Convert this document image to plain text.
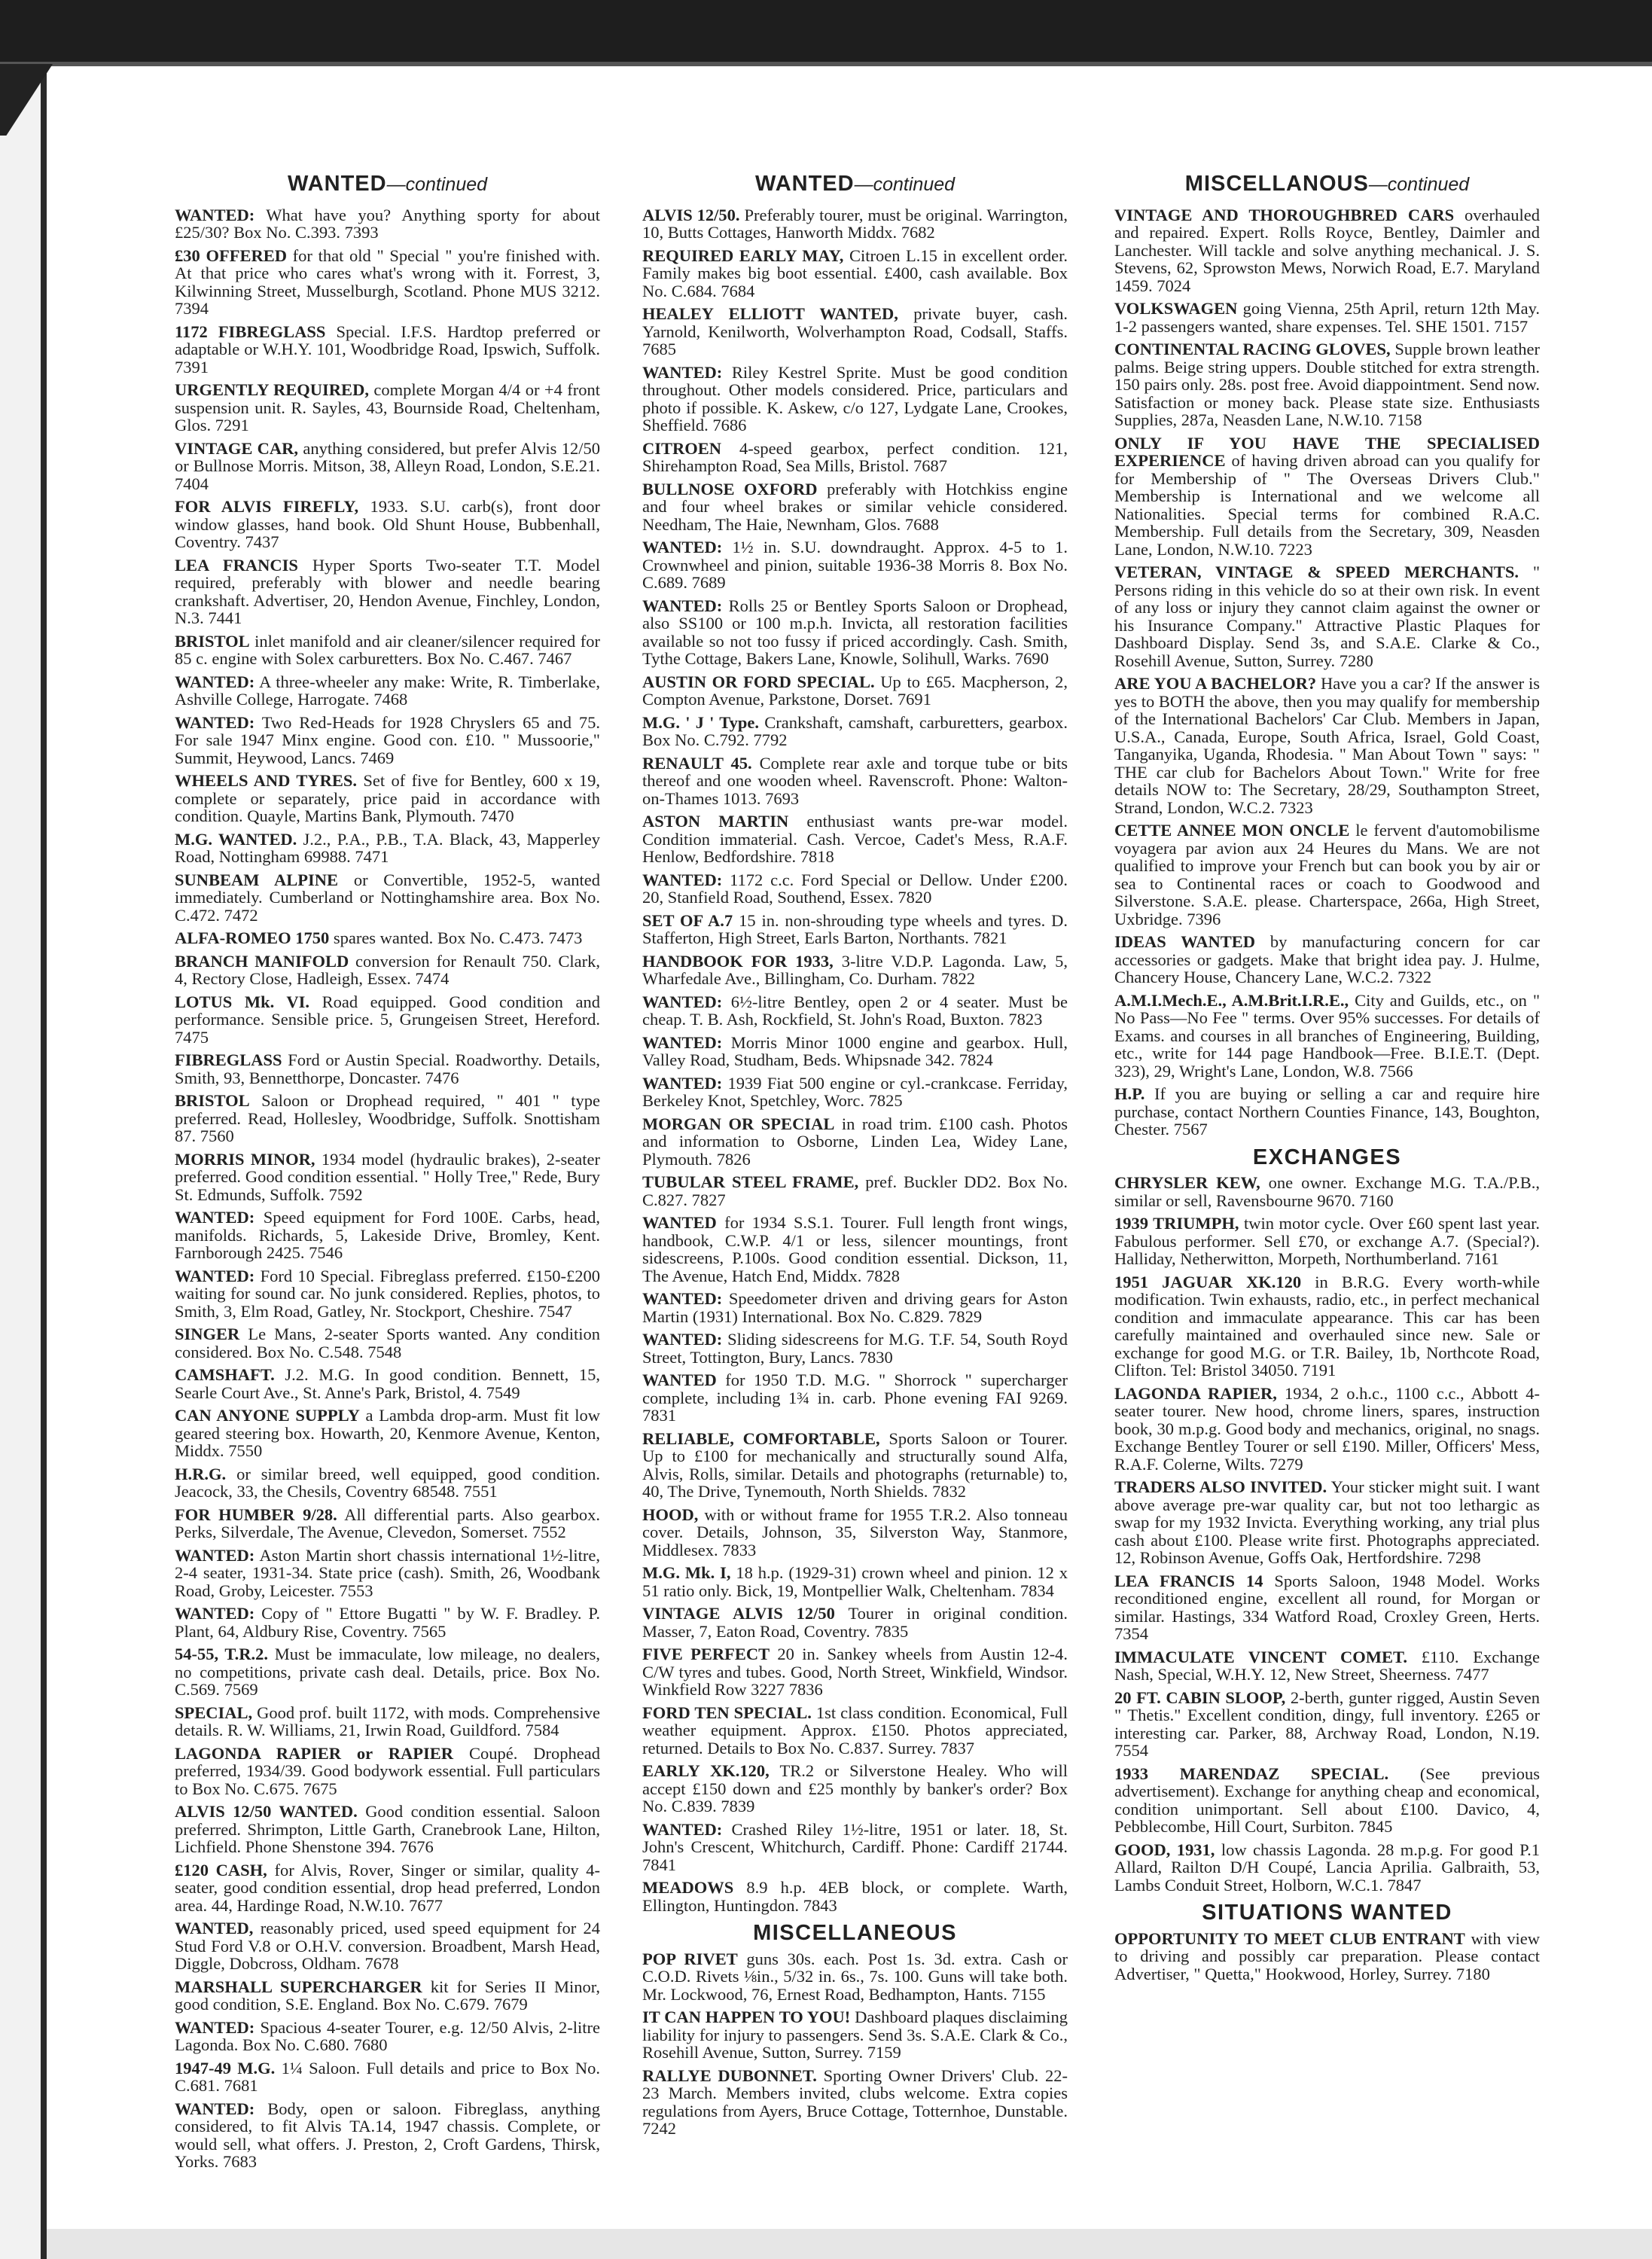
WANTED—continued
WANTED: What have you? Anything sporty for about £25/30? Box No. C.393. 7393
£30 OFFERED for that old " Special " you're finished with. At that price who cares what's wrong with it. Forrest, 3, Kilwinning Street, Musselburgh, Scotland. Phone MUS 3212. 7394
1172 FIBREGLASS Special. I.F.S. Hardtop preferred or adaptable or W.H.Y. 101, Woodbridge Road, Ipswich, Suffolk. 7391
URGENTLY REQUIRED, complete Morgan 4/4 or +4 front suspension unit. R. Sayles, 43, Bournside Road, Cheltenham, Glos. 7291
VINTAGE CAR, anything considered, but prefer Alvis 12/50 or Bullnose Morris. Mitson, 38, Alleyn Road, London, S.E.21. 7404
FOR ALVIS FIREFLY, 1933. S.U. carb(s), front door window glasses, hand book. Old Shunt House, Bubbenhall, Coventry. 7437
LEA FRANCIS Hyper Sports Two-seater T.T. Model required, preferably with blower and needle bearing crankshaft. Advertiser, 20, Hendon Avenue, Finchley, London, N.3. 7441
BRISTOL inlet manifold and air cleaner/silencer required for 85 c. engine with Solex carburetters. Box No. C.467. 7467
WANTED: A three-wheeler any make: Write, R. Timberlake, Ashville College, Harrogate. 7468
WANTED: Two Red-Heads for 1928 Chryslers 65 and 75. For sale 1947 Minx engine. Good con. £10. " Mussoorie," Summit, Heywood, Lancs. 7469
WHEELS AND TYRES. Set of five for Bentley, 600 x 19, complete or separately, price paid in accordance with condition. Quayle, Martins Bank, Plymouth. 7470
M.G. WANTED. J.2., P.A., P.B., T.A. Black, 43, Mapperley Road, Nottingham 69988. 7471
SUNBEAM ALPINE or Convertible, 1952-5, wanted immediately. Cumberland or Nottinghamshire area. Box No. C.472. 7472
ALFA-ROMEO 1750 spares wanted. Box No. C.473. 7473
BRANCH MANIFOLD conversion for Renault 750. Clark, 4, Rectory Close, Hadleigh, Essex. 7474
LOTUS Mk. VI. Road equipped. Good condition and performance. Sensible price. 5, Grungeisen Street, Hereford. 7475
FIBREGLASS Ford or Austin Special. Roadworthy. Details, Smith, 93, Bennetthorpe, Doncaster. 7476
BRISTOL Saloon or Drophead required, " 401 " type preferred. Read, Hollesley, Woodbridge, Suffolk. Snottisham 87. 7560
MORRIS MINOR, 1934 model (hydraulic brakes), 2-seater preferred. Good condition essential. " Holly Tree," Rede, Bury St. Edmunds, Suffolk. 7592
WANTED: Speed equipment for Ford 100E. Carbs, head, manifolds. Richards, 5, Lakeside Drive, Bromley, Kent. Farnborough 2425. 7546
WANTED: Ford 10 Special. Fibreglass preferred. £150-£200 waiting for sound car. No junk considered. Replies, photos, to Smith, 3, Elm Road, Gatley, Nr. Stockport, Cheshire. 7547
SINGER Le Mans, 2-seater Sports wanted. Any condition considered. Box No. C.548. 7548
CAMSHAFT. J.2. M.G. In good condition. Bennett, 15, Searle Court Ave., St. Anne's Park, Bristol, 4. 7549
CAN ANYONE SUPPLY a Lambda drop-arm. Must fit low geared steering box. Howarth, 20, Kenmore Avenue, Kenton, Middx. 7550
H.R.G. or similar breed, well equipped, good condition. Jeacock, 33, the Chesils, Coventry 68548. 7551
FOR HUMBER 9/28. All differential parts. Also gearbox. Perks, Silverdale, The Avenue, Clevedon, Somerset. 7552
WANTED: Aston Martin short chassis international 1½-litre, 2-4 seater, 1931-34. State price (cash). Smith, 26, Woodbank Road, Groby, Leicester. 7553
WANTED: Copy of " Ettore Bugatti " by W. F. Bradley. P. Plant, 64, Aldbury Rise, Coventry. 7565
54-55, T.R.2. Must be immaculate, low mileage, no dealers, no competitions, private cash deal. Details, price. Box No. C.569. 7569
SPECIAL, Good prof. built 1172, with mods. Comprehensive details. R. W. Williams, 21, Irwin Road, Guildford. 7584
LAGONDA RAPIER or RAPIER Coupé. Drophead preferred, 1934/39. Good bodywork essential. Full particulars to Box No. C.675. 7675
ALVIS 12/50 WANTED. Good condition essential. Saloon preferred. Shrimpton, Little Garth, Cranebrook Lane, Hilton, Lichfield. Phone Shenstone 394. 7676
£120 CASH, for Alvis, Rover, Singer or similar, quality 4-seater, good condition essential, drop head preferred, London area. 44, Hardinge Road, N.W.10. 7677
WANTED, reasonably priced, used speed equipment for 24 Stud Ford V.8 or O.H.V. conversion. Broadbent, Marsh Head, Diggle, Dobcross, Oldham. 7678
MARSHALL SUPERCHARGER kit for Series II Minor, good condition, S.E. England. Box No. C.679. 7679
WANTED: Spacious 4-seater Tourer, e.g. 12/50 Alvis, 2-litre Lagonda. Box No. C.680. 7680
1947-49 M.G. 1¼ Saloon. Full details and price to Box No. C.681. 7681
WANTED: Body, open or saloon. Fibreglass, anything considered, to fit Alvis TA.14, 1947 chassis. Complete, or would sell, what offers. J. Preston, 2, Croft Gardens, Thirsk, Yorks. 7683
WANTED—continued
ALVIS 12/50. Preferably tourer, must be original. Warrington, 10, Butts Cottages, Hanworth Middx. 7682
REQUIRED EARLY MAY, Citroen L.15 in excellent order. Family makes big boot essential. £400, cash available. Box No. C.684. 7684
HEALEY ELLIOTT WANTED, private buyer, cash. Yarnold, Kenilworth, Wolverhampton Road, Codsall, Staffs. 7685
WANTED: Riley Kestrel Sprite. Must be good condition throughout. Other models considered. Price, particulars and photo if possible. K. Askew, c/o 127, Lydgate Lane, Crookes, Sheffield. 7686
CITROEN 4-speed gearbox, perfect condition. 121, Shirehampton Road, Sea Mills, Bristol. 7687
BULLNOSE OXFORD preferably with Hotchkiss engine and four wheel brakes or similar vehicle considered. Needham, The Haie, Newnham, Glos. 7688
WANTED: 1½ in. S.U. downdraught. Approx. 4-5 to 1. Crownwheel and pinion, suitable 1936-38 Morris 8. Box No. C.689. 7689
WANTED: Rolls 25 or Bentley Sports Saloon or Drophead, also SS100 or 100 m.p.h. Invicta, all restoration facilities available so not too fussy if priced accordingly. Cash. Smith, Tythe Cottage, Bakers Lane, Knowle, Solihull, Warks. 7690
AUSTIN OR FORD SPECIAL. Up to £65. Macpherson, 2, Compton Avenue, Parkstone, Dorset. 7691
M.G. ' J ' Type. Crankshaft, camshaft, carburetters, gearbox. Box No. C.792. 7792
RENAULT 45. Complete rear axle and torque tube or bits thereof and one wooden wheel. Ravenscroft. Phone: Walton-on-Thames 1013. 7693
ASTON MARTIN enthusiast wants pre-war model. Condition immaterial. Cash. Vercoe, Cadet's Mess, R.A.F. Henlow, Bedfordshire. 7818
WANTED: 1172 c.c. Ford Special or Dellow. Under £200. 20, Stanfield Road, Southend, Essex. 7820
SET OF A.7 15 in. non-shrouding type wheels and tyres. D. Stafferton, High Street, Earls Barton, Northants. 7821
HANDBOOK FOR 1933, 3-litre V.D.P. Lagonda. Law, 5, Wharfedale Ave., Billingham, Co. Durham. 7822
WANTED: 6½-litre Bentley, open 2 or 4 seater. Must be cheap. T. B. Ash, Rockfield, St. John's Road, Buxton. 7823
WANTED: Morris Minor 1000 engine and gearbox. Hull, Valley Road, Studham, Beds. Whipsnade 342. 7824
WANTED: 1939 Fiat 500 engine or cyl.-crankcase. Ferriday, Berkeley Knot, Spetchley, Worc. 7825
MORGAN OR SPECIAL in road trim. £100 cash. Photos and information to Osborne, Linden Lea, Widey Lane, Plymouth. 7826
TUBULAR STEEL FRAME, pref. Buckler DD2. Box No. C.827. 7827
WANTED for 1934 S.S.1. Tourer. Full length front wings, handbook, C.W.P. 4/1 or less, silencer mountings, front sidescreens, P.100s. Good condition essential. Dickson, 11, The Avenue, Hatch End, Middx. 7828
WANTED: Speedometer driven and driving gears for Aston Martin (1931) International. Box No. C.829. 7829
WANTED: Sliding sidescreens for M.G. T.F. 54, South Royd Street, Tottington, Bury, Lancs. 7830
WANTED for 1950 T.D. M.G. " Shorrock " supercharger complete, including 1¾ in. carb. Phone evening FAI 9269. 7831
RELIABLE, COMFORTABLE, Sports Saloon or Tourer. Up to £100 for mechanically and structurally sound Alfa, Alvis, Rolls, similar. Details and photographs (returnable) to, 40, The Drive, Tynemouth, North Shields. 7832
HOOD, with or without frame for 1955 T.R.2. Also tonneau cover. Details, Johnson, 35, Silverston Way, Stanmore, Middlesex. 7833
M.G. Mk. I, 18 h.p. (1929-31) crown wheel and pinion. 12 x 51 ratio only. Bick, 19, Montpellier Walk, Cheltenham. 7834
VINTAGE ALVIS 12/50 Tourer in original condition. Masser, 7, Eaton Road, Coventry. 7835
FIVE PERFECT 20 in. Sankey wheels from Austin 12-4. C/W tyres and tubes. Good, North Street, Winkfield, Windsor. Winkfield Row 3227 7836
FORD TEN SPECIAL. 1st class condition. Economical, Full weather equipment. Approx. £150. Photos appreciated, returned. Details to Box No. C.837. Surrey. 7837
EARLY XK.120, TR.2 or Silverstone Healey. Who will accept £150 down and £25 monthly by banker's order? Box No. C.839. 7839
WANTED: Crashed Riley 1½-litre, 1951 or later. 18, St. John's Crescent, Whitchurch, Cardiff. Phone: Cardiff 21744. 7841
MEADOWS 8.9 h.p. 4EB block, or complete. Warth, Ellington, Huntingdon. 7843
MISCELLANEOUS
POP RIVET guns 30s. each. Post 1s. 3d. extra. Cash or C.O.D. Rivets ⅛in., 5/32 in. 6s., 7s. 100. Guns will take both. Mr. Lockwood, 76, Ernest Road, Bedhampton, Hants. 7155
IT CAN HAPPEN TO YOU! Dashboard plaques disclaiming liability for injury to passengers. Send 3s. S.A.E. Clark & Co., Rosehill Avenue, Sutton, Surrey. 7159
RALLYE DUBONNET. Sporting Owner Drivers' Club. 22-23 March. Members invited, clubs welcome. Extra copies regulations from Ayers, Bruce Cottage, Totternhoe, Dunstable. 7242
MISCELLANOUS—continued
VINTAGE AND THOROUGHBRED CARS overhauled and repaired. Expert. Rolls Royce, Bentley, Daimler and Lanchester. Will tackle and solve anything mechanical. J. S. Stevens, 62, Sprowston Mews, Norwich Road, E.7. Maryland 1459. 7024
VOLKSWAGEN going Vienna, 25th April, return 12th May. 1-2 passengers wanted, share expenses. Tel. SHE 1501. 7157
CONTINENTAL RACING GLOVES, Supple brown leather palms. Beige string uppers. Double stitched for extra strength. 150 pairs only. 28s. post free. Avoid diappointment. Send now. Satisfaction or money back. Please state size. Enthusiasts Supplies, 287a, Neasden Lane, N.W.10. 7158
ONLY IF YOU HAVE THE SPECIALISED EXPERIENCE of having driven abroad can you qualify for for Membership of " The Overseas Drivers Club." Membership is International and we welcome all Nationalities. Special terms for combined R.A.C. Membership. Full details from the Secretary, 309, Neasden Lane, London, N.W.10. 7223
VETERAN, VINTAGE & SPEED MERCHANTS. " Persons riding in this vehicle do so at their own risk. In event of any loss or injury they cannot claim against the owner or his Insurance Company." Attractive Plastic Plaques for Dashboard Display. Send 3s, and S.A.E. Clarke & Co., Rosehill Avenue, Sutton, Surrey. 7280
ARE YOU A BACHELOR? Have you a car? If the answer is yes to BOTH the above, then you may qualify for membership of the International Bachelors' Car Club. Members in Japan, U.S.A., Canada, Europe, South Africa, Israel, Gold Coast, Tanganyika, Uganda, Rhodesia. " Man About Town " says: " THE car club for Bachelors About Town." Write for free details NOW to: The Secretary, 28/29, Southampton Street, Strand, London, W.C.2. 7323
CETTE ANNEE MON ONCLE le fervent d'automobilisme voyagera par avion aux 24 Heures du Mans. We are not qualified to improve your French but can book you by air or sea to Continental races or coach to Goodwood and Silverstone. S.A.E. please. Charterspace, 266a, High Street, Uxbridge. 7396
IDEAS WANTED by manufacturing concern for car accessories or gadgets. Make that bright idea pay. J. Hulme, Chancery House, Chancery Lane, W.C.2. 7322
A.M.I.Mech.E., A.M.Brit.I.R.E., City and Guilds, etc., on " No Pass—No Fee " terms. Over 95% successes. For details of Exams. and courses in all branches of Engineering, Building, etc., write for 144 page Handbook—Free. B.I.E.T. (Dept. 323), 29, Wright's Lane, London, W.8. 7566
H.P. If you are buying or selling a car and require hire purchase, contact Northern Counties Finance, 143, Boughton, Chester. 7567
EXCHANGES
CHRYSLER KEW, one owner. Exchange M.G. T.A./P.B., similar or sell, Ravensbourne 9670. 7160
1939 TRIUMPH, twin motor cycle. Over £60 spent last year. Fabulous performer. Sell £70, or exchange A.7. (Special?). Halliday, Netherwitton, Morpeth, Northumberland. 7161
1951 JAGUAR XK.120 in B.R.G. Every worth-while modification. Twin exhausts, radio, etc., in perfect mechanical condition and immaculate appearance. This car has been carefully maintained and overhauled since new. Sale or exchange for good M.G. or T.R. Bailey, 1b, Northcote Road, Clifton. Tel: Bristol 34050. 7191
LAGONDA RAPIER, 1934, 2 o.h.c., 1100 c.c., Abbott 4-seater tourer. New hood, chrome liners, spares, instruction book, 30 m.p.g. Good body and mechanics, original, no snags. Exchange Bentley Tourer or sell £190. Miller, Officers' Mess, R.A.F. Colerne, Wilts. 7279
TRADERS ALSO INVITED. Your sticker might suit. I want above average pre-war quality car, but not too lethargic as swap for my 1932 Invicta. Everything working, any trial plus cash about £100. Please write first. Photographs appreciated. 12, Robinson Avenue, Goffs Oak, Hertfordshire. 7298
LEA FRANCIS 14 Sports Saloon, 1948 Model. Works reconditioned engine, excellent all round, for Morgan or similar. Hastings, 334 Watford Road, Croxley Green, Herts. 7354
IMMACULATE VINCENT COMET. £110. Exchange Nash, Special, W.H.Y. 12, New Street, Sheerness. 7477
20 FT. CABIN SLOOP, 2-berth, gunter rigged, Austin Seven " Thetis." Excellent condition, dingy, full inventory. £265 or interesting car. Parker, 88, Archway Road, London, N.19. 7554
1933 MARENDAZ SPECIAL. (See previous advertisement). Exchange for anything cheap and economical, condition unimportant. Sell about £100. Davico, 4, Pebblecombe, Hill Court, Surbiton. 7845
GOOD, 1931, low chassis Lagonda. 28 m.p.g. For good P.1 Allard, Railton D/H Coupé, Lancia Aprilia. Galbraith, 53, Lambs Conduit Street, Holborn, W.C.1. 7847
SITUATIONS WANTED
OPPORTUNITY TO MEET CLUB ENTRANT with view to driving and possibly car preparation. Please contact Advertiser, " Quetta," Hookwood, Horley, Surrey. 7180
